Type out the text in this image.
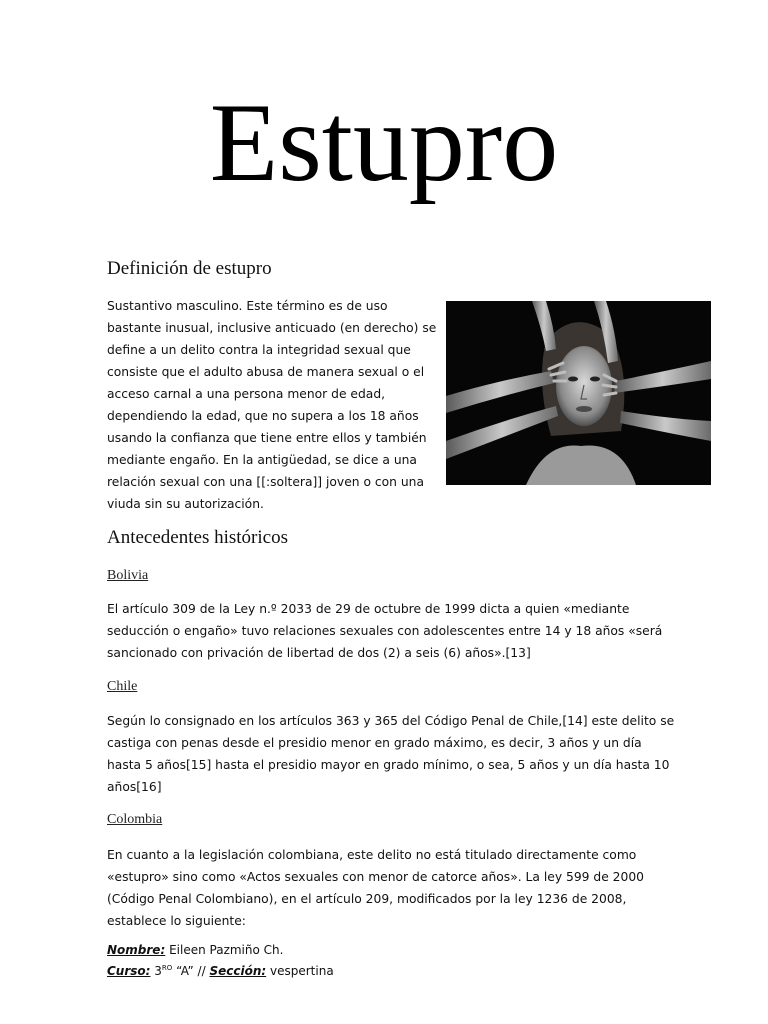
Estupro
Definición de estupro
Sustantivo masculino. Este término es de uso
bastante inusual, inclusive anticuado (en derecho) se
define a un delito contra la integridad sexual que
consiste que el adulto abusa de manera sexual o el
acceso carnal a una persona menor de edad,
dependiendo la edad, que no supera a los 18 años
usando la confianza que tiene entre ellos y también
mediante engaño. En la antigüedad, se dice a una
relación sexual con una [[:soltera]] joven o con una
viuda sin su autorización.
Antecedentes históricos
Bolivia
El artículo 309 de la Ley n.º 2033 de 29 de octubre de 1999 dicta a quien «mediante
seducción o engaño» tuvo relaciones sexuales con adolescentes entre 14 y 18 años «será
sancionado con privación de libertad de dos (2) a seis (6) años».[13]
Chile
Según lo consignado en los artículos 363 y 365 del Código Penal de Chile,[14] este delito se
castiga con penas desde el presidio menor en grado máximo, es decir, 3 años y un día
hasta 5 años[15] hasta el presidio mayor en grado mínimo, o sea, 5 años y un día hasta 10
años[16]
Colombia
En cuanto a la legislación colombiana, este delito no está titulado directamente como
«estupro» sino como «Actos sexuales con menor de catorce años». La ley 599 de 2000
(Código Penal Colombiano), en el artículo 209, modificados por la ley 1236 de 2008,
establece lo siguiente:
Nombre: Eileen Pazmiño Ch.
Curso: $3^{RO}$ “A” // Sección: vespertina
